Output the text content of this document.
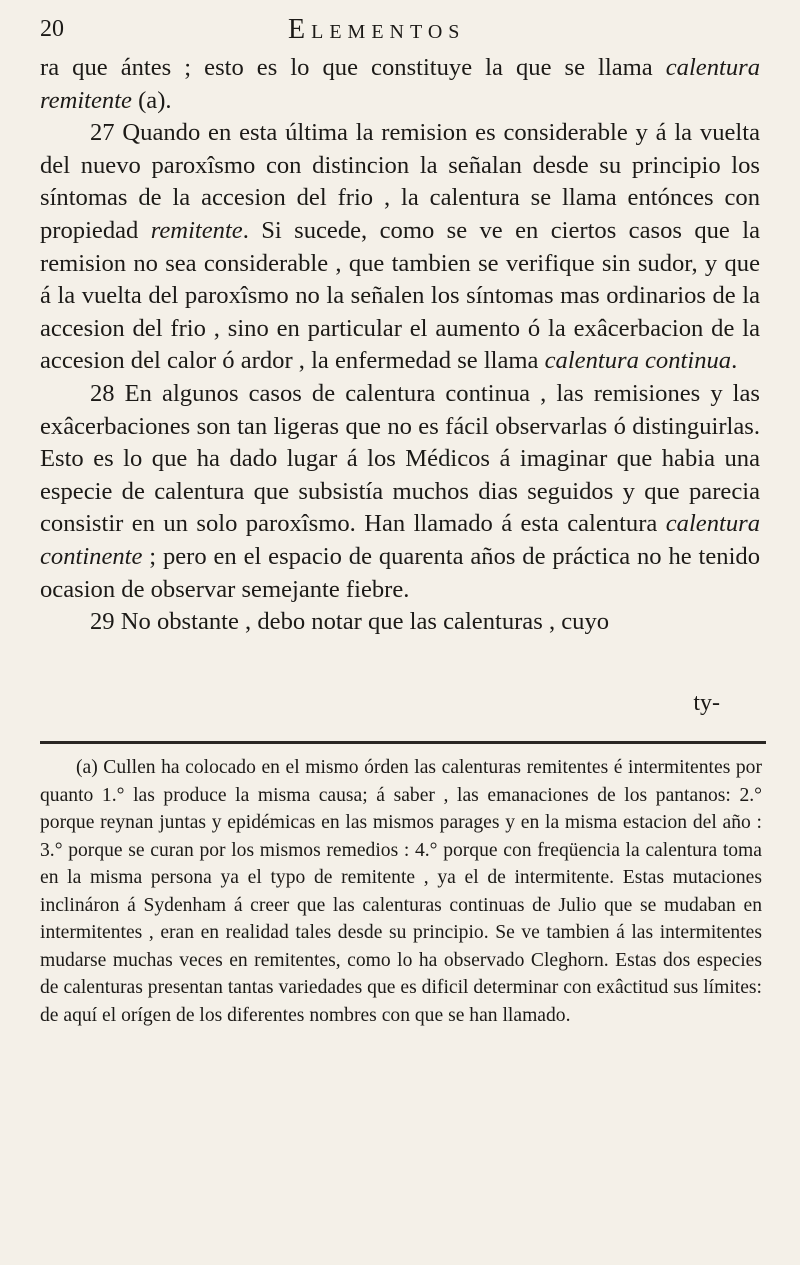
20	Elementos

ra que ántes ; esto es lo que constituye la que se llama calentura remitente (a).

27 Quando en esta última la remision es considerable y á la vuelta del nuevo paroxîsmo con distincion la señalan desde su principio los síntomas de la accesion del frio , la calentura se llama entónces con propiedad remitente. Si sucede, como se ve en ciertos casos que la remision no sea considerable , que tambien se verifique sin sudor, y que á la vuelta del paroxîsmo no la señalen los síntomas mas ordinarios de la accesion del frio , sino en particular el aumento ó la exâcerbacion de la accesion del calor ó ardor , la enfermedad se llama calentura continua.

28 En algunos casos de calentura continua , las remisiones y las exâcerbaciones son tan ligeras que no es fácil observarlas ó distinguirlas. Esto es lo que ha dado lugar á los Médicos á imaginar que habia una especie de calentura que subsistía muchos dias seguidos y que parecia consistir en un solo paroxîsmo. Han llamado á esta calentura calentura continente ; pero en el espacio de quarenta años de práctica no he tenido ocasion de observar semejante fiebre.

29 No obstante , debo notar que las calenturas , cuyo

ty-

(a) Cullen ha colocado en el mismo órden las calenturas remitentes é intermitentes por quanto 1.° las produce la misma causa; á saber , las emanaciones de los pantanos: 2.° porque reynan juntas y epidémicas en las mismos parages y en la misma estacion del año : 3.° porque se curan por los mismos remedios : 4.° porque con freqüencia la calentura toma en la misma persona ya el typo de remitente , ya el de intermitente. Estas mutaciones inclináron á Sydenham á creer que las calenturas continuas de Julio que se mudaban en intermitentes , eran en realidad tales desde su principio. Se ve tambien á las intermitentes mudarse muchas veces en remitentes, como lo ha observado Cleghorn. Estas dos especies de calenturas presentan tantas variedades que es dificil determinar con exâctitud sus límites: de aquí el orígen de los diferentes nombres con que se han llamado.
